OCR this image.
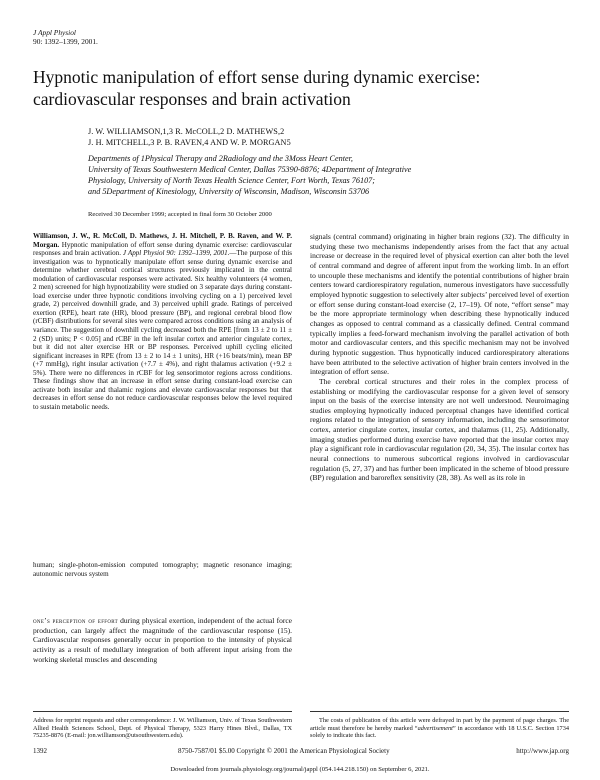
J Appl Physiol
90: 1392–1399, 2001.
Hypnotic manipulation of effort sense during dynamic exercise: cardiovascular responses and brain activation
J. W. WILLIAMSON,1,3 R. McCOLL,2 D. MATHEWS,2
J. H. MITCHELL,3 P. B. RAVEN,4 AND W. P. MORGAN5
Departments of 1Physical Therapy and 2Radiology and the 3Moss Heart Center,
University of Texas Southwestern Medical Center, Dallas 75390-8876; 4Department of Integrative
Physiology, University of North Texas Health Science Center, Fort Worth, Texas 76107;
and 5Department of Kinesiology, University of Wisconsin, Madison, Wisconsin 53706
Received 30 December 1999; accepted in final form 30 October 2000

Williamson, J. W., R. McColl, D. Mathews, J. H. Mitchell, P. B. Raven, and W. P. Morgan. Hypnotic manipulation of effort sense during dynamic exercise: cardiovascular responses and brain activation. J Appl Physiol 90: 1392–1399, 2001.—The purpose of this investigation was to hypnotically manipulate effort sense during dynamic exercise and determine whether cerebral cortical structures previously implicated in the central modulation of cardiovascular responses were activated. Six healthy volunteers (4 women, 2 men) screened for high hypnotizability were studied on 3 separate days during constant-load exercise under three hypnotic conditions involving cycling on a 1) perceived level grade, 2) perceived downhill grade, and 3) perceived uphill grade. Ratings of perceived exertion (RPE), heart rate (HR), blood pressure (BP), and regional cerebral blood flow (rCBF) distributions for several sites were compared across conditions using an analysis of variance. The suggestion of downhill cycling decreased both the RPE [from 13 ± 2 to 11 ± 2 (SD) units; P < 0.05] and rCBF in the left insular cortex and anterior cingulate cortex, but it did not alter exercise HR or BP responses. Perceived uphill cycling elicited significant increases in RPE (from 13 ± 2 to 14 ± 1 units), HR (+16 beats/min), mean BP (+7 mmHg), right insular activation (+7.7 ± 4%), and right thalamus activation (+9.2 ± 5%). There were no differences in rCBF for leg sensorimotor regions across conditions. These findings show that an increase in effort sense during constant-load exercise can activate both insular and thalamic regions and elevate cardiovascular responses but that decreases in effort sense do not reduce cardiovascular responses below the level required to sustain metabolic needs.

human; single-photon-emission computed tomography; magnetic resonance imaging; autonomic nervous system

one’s perception of effort during physical exertion, independent of the actual force production, can largely affect the magnitude of the cardiovascular response (15). Cardiovascular responses generally occur in proportion to the intensity of physical activity as a result of medullary integration of both afferent input arising from the working skeletal muscles and descending

signals (central command) originating in higher brain regions (32). The difficulty in studying these two mechanisms independently arises from the fact that any actual increase or decrease in the required level of physical exertion can alter both the level of central command and degree of afferent input from the working limb. In an effort to uncouple these mechanisms and identify the potential contributions of higher brain centers toward cardiorespiratory regulation, numerous investigators have successfully employed hypnotic suggestion to selectively alter subjects’ perceived level of exertion or effort sense during constant-load exercise (2, 17–19). Of note, “effort sense” may be the more appropriate terminology when describing these hypnotically induced changes as opposed to central command as a classically defined. Central command typically implies a feed-forward mechanism involving the parallel activation of both motor and cardiovascular centers, and this specific mechanism may not be involved during hypnotic suggestion. Thus hypnotically induced cardiorespiratory alterations have been attributed to the selective activation of higher brain centers involved in the integration of effort sense.

The cerebral cortical structures and their roles in the complex process of establishing or modifying the cardiovascular response for a given level of sensory input on the basis of the exercise intensity are not well understood. Neuroimaging studies employing hypnotically induced perceptual changes have identified cortical regions related to the integration of sensory information, including the sensorimotor cortex, anterior cingulate cortex, insular cortex, and thalamus (11, 25). Additionally, imaging studies performed during exercise have reported that the insular cortex may play a significant role in cardiovascular regulation (20, 34, 35). The insular cortex has neural connections to numerous subcortical regions involved in cardiovascular regulation (5, 27, 37) and has further been implicated in the scheme of blood pressure (BP) regulation and baroreflex sensitivity (28, 38). As well as its role in

Address for reprint requests and other correspondence: J. W. Williamson, Univ. of Texas Southwestern Allied Health Sciences School, Dept. of Physical Therapy, 5323 Harry Hines Blvd., Dallas, TX 75235-8876 (E-mail: jon.williamson@utsouthwestern.edu).
The costs of publication of this article were defrayed in part by the payment of page charges. The article must therefore be hereby marked “advertisement” in accordance with 18 U.S.C. Section 1734 solely to indicate this fact.
1392	8750-7587/01 $5.00 Copyright © 2001 the American Physiological Society	http://www.jap.org
Downloaded from journals.physiology.org/journal/jappl (054.144.218.150) on September 6, 2021.
